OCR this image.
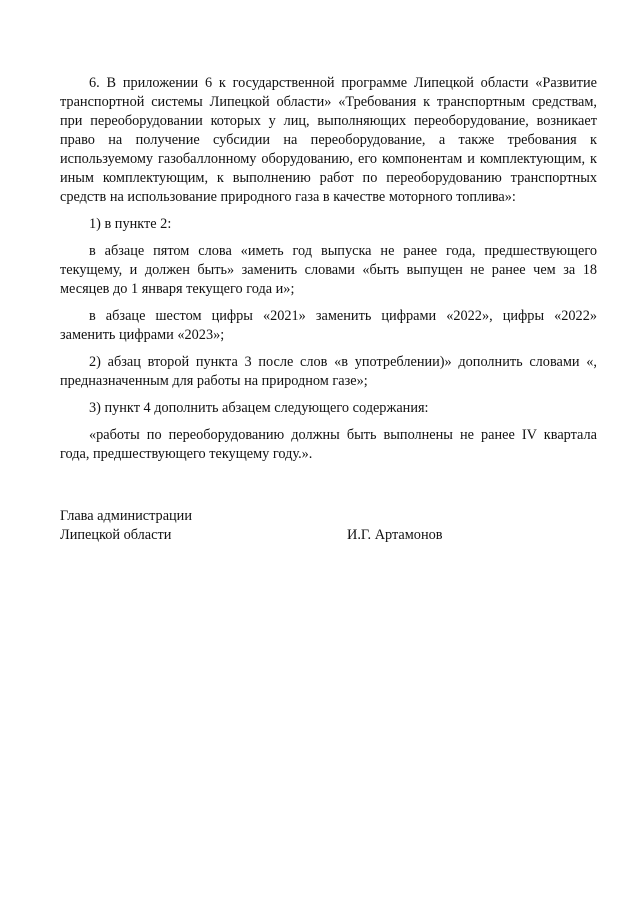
6. В приложении 6 к государственной программе Липецкой области «Развитие транспортной системы Липецкой области» «Требования к транспортным средствам, при переоборудовании которых у лиц, выполняющих переоборудование, возникает право на получение субсидии на переоборудование, а также требования к используемому газобаллонному оборудованию, его компонентам и комплектующим, к иным комплектующим, к выполнению работ по переоборудованию транспортных средств на использование природного газа в качестве моторного топлива»:

1) в пункте 2:

в абзаце пятом слова «иметь год выпуска не ранее года, предшествующего текущему, и должен быть» заменить словами «быть выпущен не ранее чем за 18 месяцев до 1 января текущего года и»;

в абзаце шестом цифры «2021» заменить цифрами «2022», цифры «2022» заменить цифрами «2023»;

2) абзац второй пункта 3 после слов «в употреблении)» дополнить словами «, предназначенным для работы на природном газе»;

3) пункт 4 дополнить абзацем следующего содержания:

«работы по переоборудованию должны быть выполнены не ранее IV квартала года, предшествующего текущему году.».

Глава администрации
Липецкой области	И.Г. Артамонов
